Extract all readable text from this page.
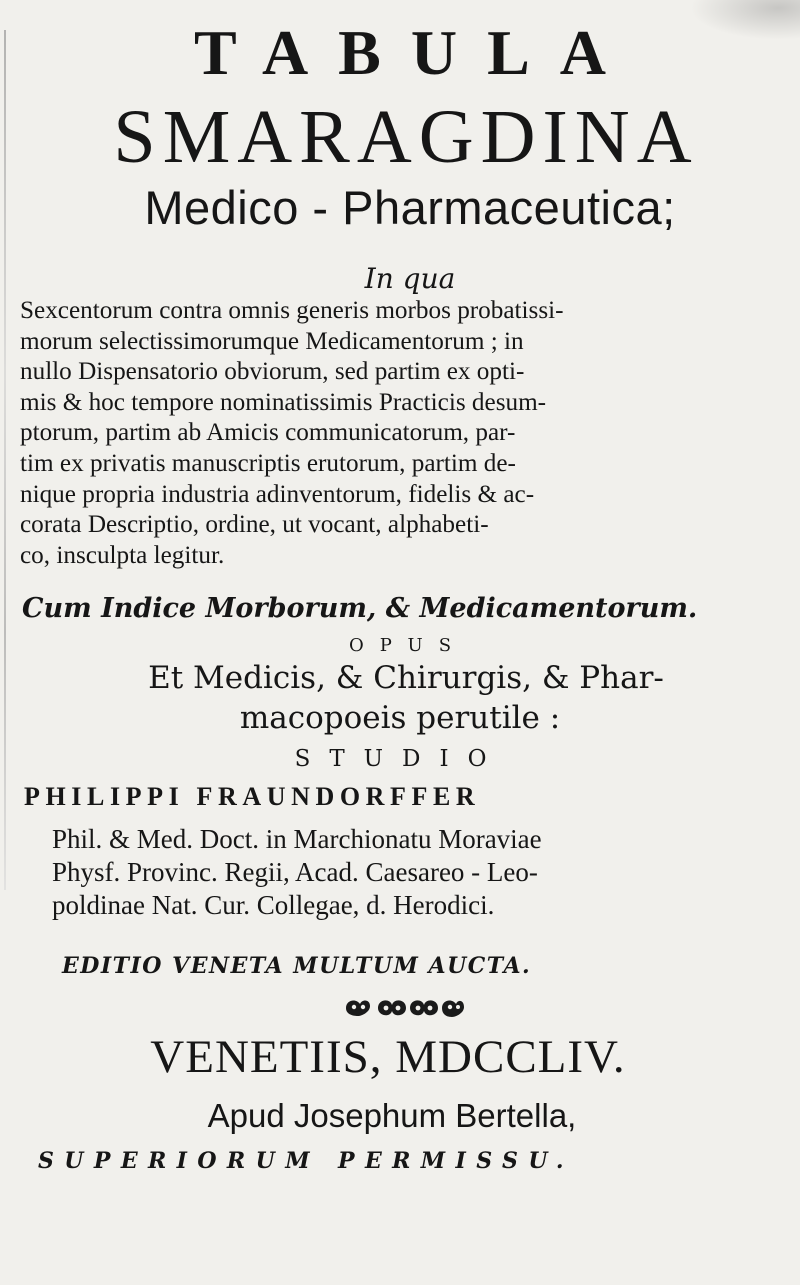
TABULA
SMARAGDINA
Medico - Pharmaceutica;
In qua
Sexcentorum contra omnis generis morbos probatissi-
morum selectissimorumque Medicamentorum ; in
nullo Dispensatorio obviorum, sed partim ex opti-
mis & hoc tempore nominatissimis Practicis desum-
ptorum, partim ab Amicis communicatorum, par-
tim ex privatis manuscriptis erutorum, partim de-
nique propria industria adinventorum, fidelis & ac-
corata Descriptio, ordine, ut vocant, alphabeti-
co, insculpta legitur.
Cum Indice Morborum, & Medicamentorum.
OPUS
Et Medicis, & Chirurgis, & Phar-
macopoeis perutile :
STUDIO
PHILIPPI FRAUNDORFFER
Phil. & Med. Doct. in Marchionatu Moraviae
Physf. Provinc. Regii, Acad. Caesareo - Leo-
poldinae Nat. Cur. Collegae, d. Herodici.
EDITIO VENETA MULTUM AUCTA.
VENETIIS, MDCCLIV.
Apud Josephum Bertella,
SUPERIORUM PERMISSU.
